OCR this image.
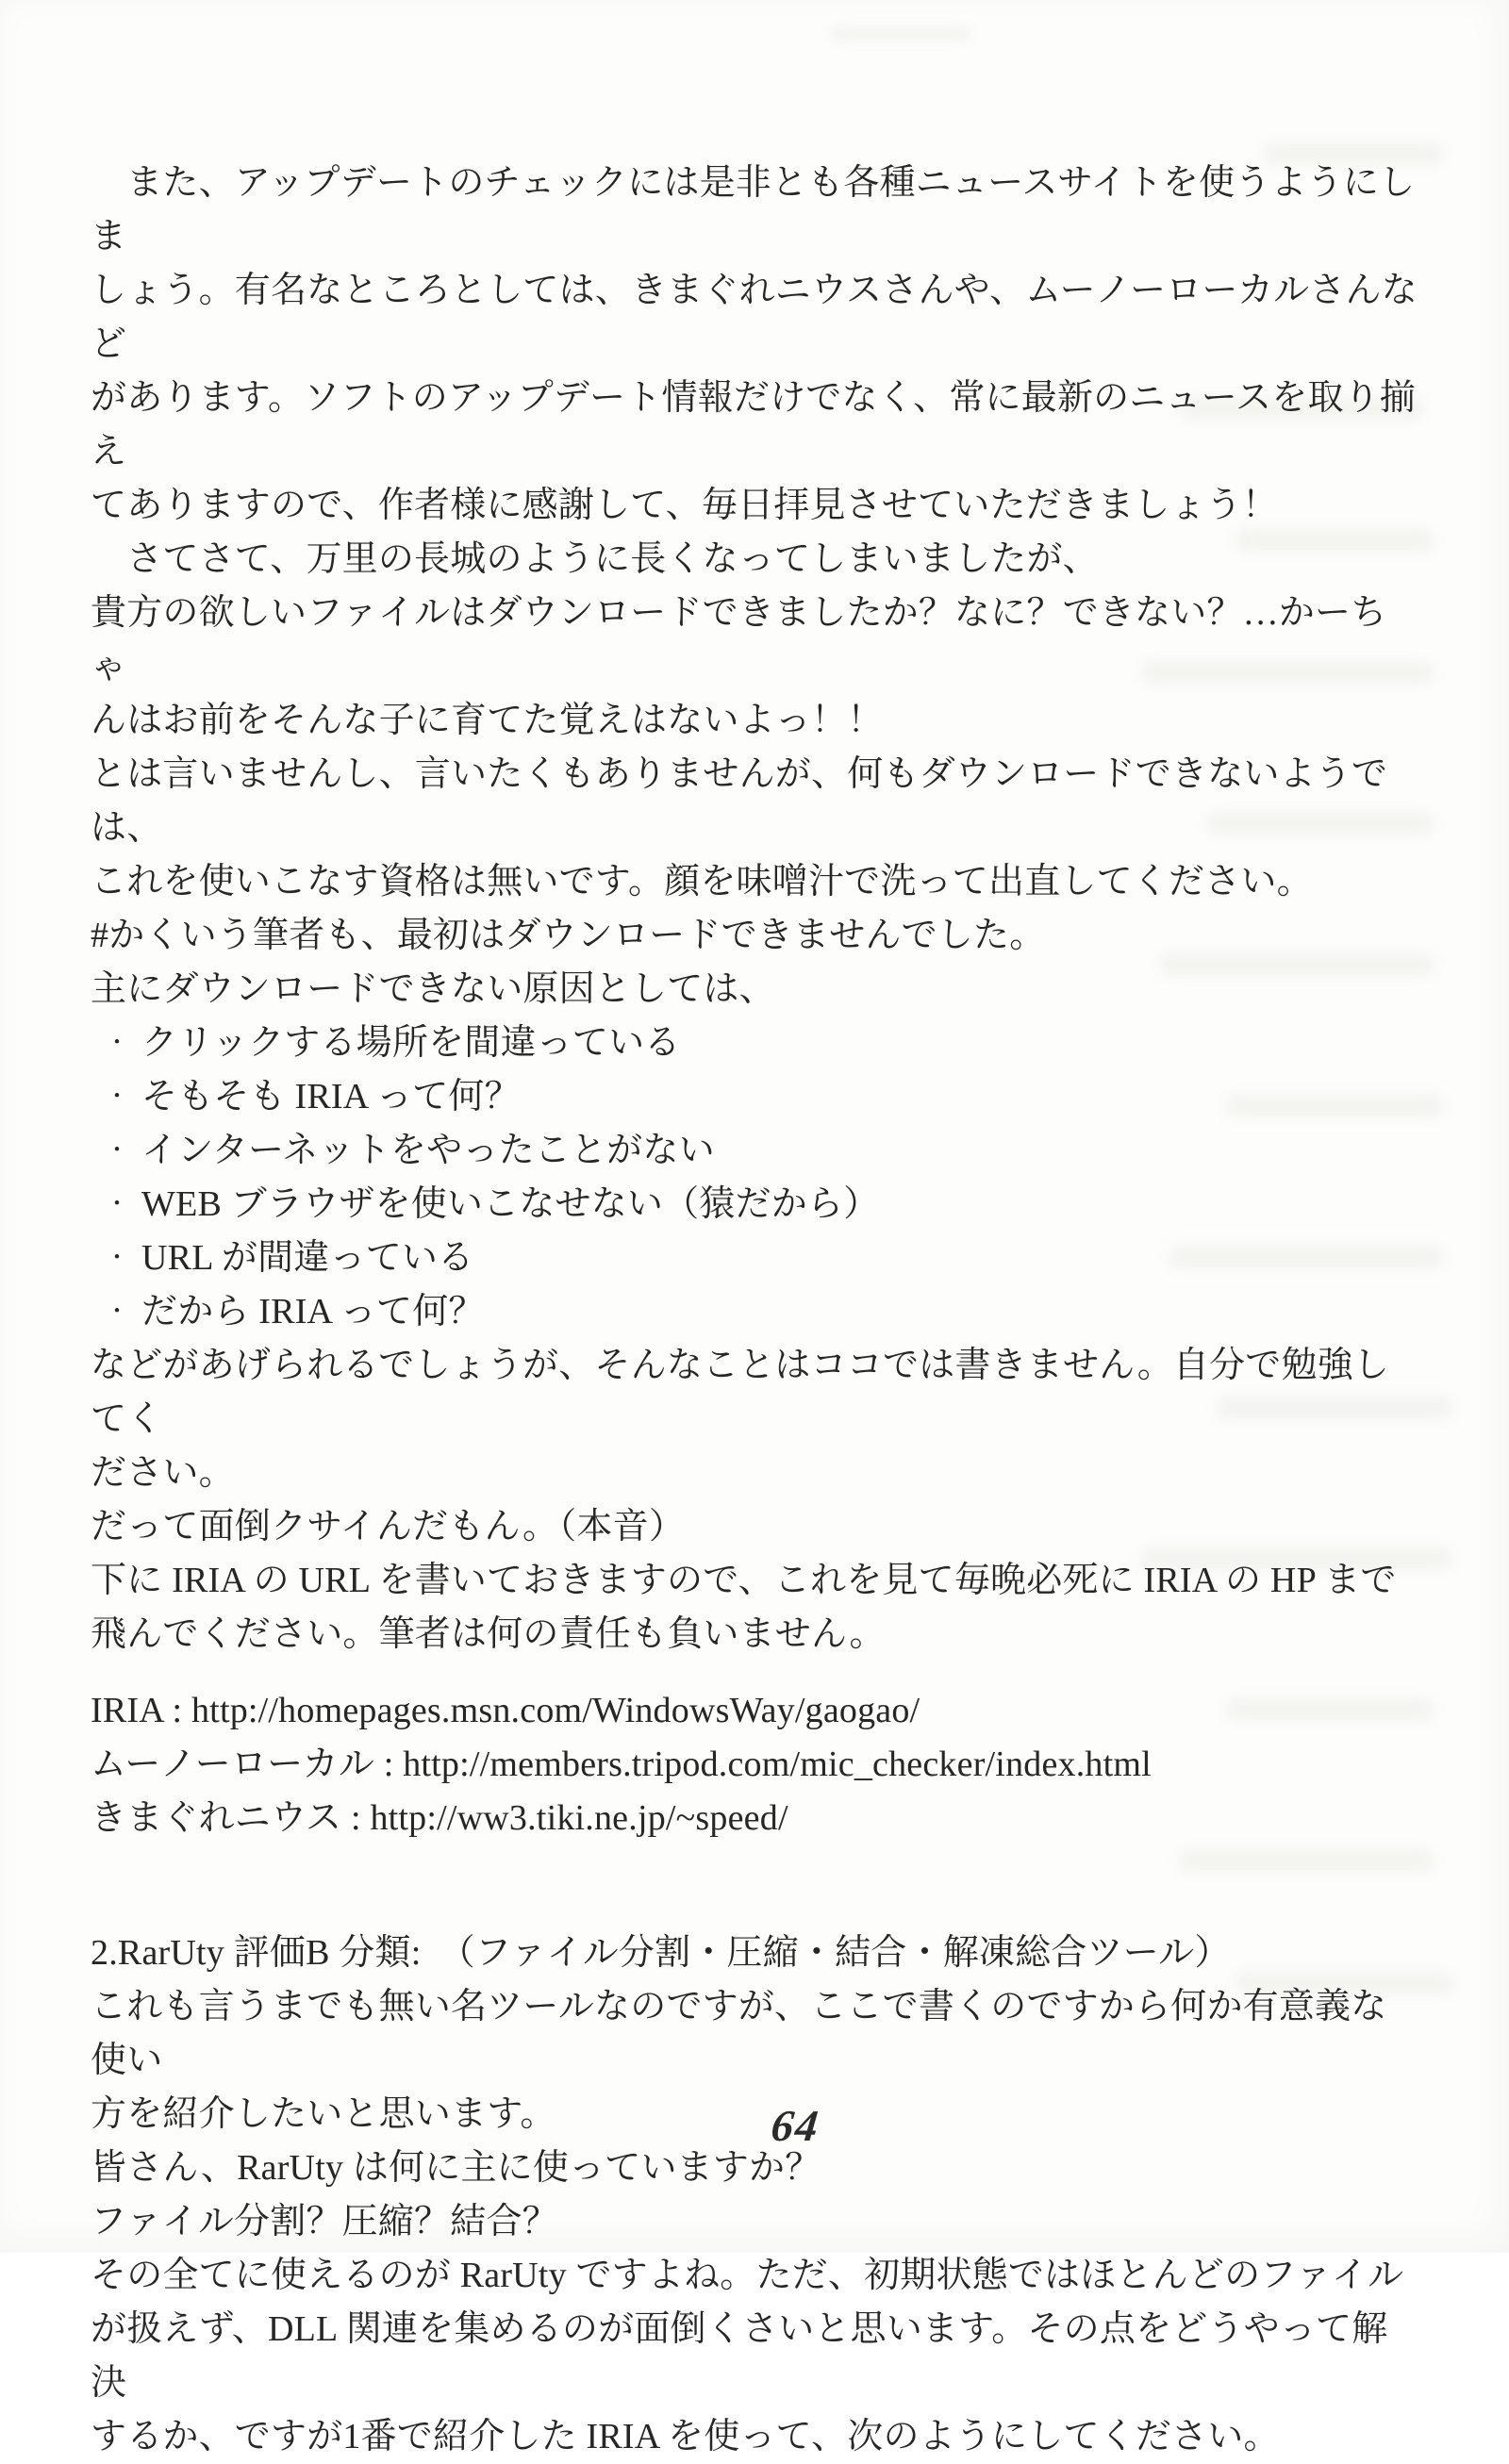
　また、アップデートのチェックには是非とも各種ニュースサイトを使うようにしま

しょう。有名なところとしては、きまぐれニウスさんや、ムーノーローカルさんなど

があります。ソフトのアップデート情報だけでなく、常に最新のニュースを取り揃え

てありますので、作者様に感謝して、毎日拝見させていただきましょう！

　さてさて、万里の長城のように長くなってしまいましたが、

貴方の欲しいファイルはダウンロードできましたか？なに？できない？…かーちゃ

んはお前をそんな子に育てた覚えはないよっ！！

とは言いませんし、言いたくもありませんが、何もダウンロードできないようでは、

これを使いこなす資格は無いです。顔を味噌汁で洗って出直してください。

#かくいう筆者も、最初はダウンロードできませんでした。

主にダウンロードできない原因としては、

・ クリックする場所を間違っている
・ そもそも IRIA って何？
・ インターネットをやったことがない
・ WEB ブラウザを使いこなせない（猿だから）
・ URL が間違っている
・ だから IRIA って何？

などがあげられるでしょうが、そんなことはココでは書きません。自分で勉強してく

ださい。

だって面倒クサイんだもん。（本音）

下に IRIA の URL を書いておきますので、これを見て毎晩必死に IRIA の HP まで

飛んでください。筆者は何の責任も負いません。

IRIA : http://homepages.msn.com/WindowsWay/gaogao/

ムーノーローカル : http://members.tripod.com/mic_checker/index.html

きまぐれニウス : http://ww3.tiki.ne.jp/~speed/

2.RarUty 評価B 分類:　（ファイル分割・圧縮・結合・解凍総合ツール）

これも言うまでも無い名ツールなのですが、ここで書くのですから何か有意義な使い

方を紹介したいと思います。

皆さん、RarUty は何に主に使っていますか？

ファイル分割？圧縮？結合？

その全てに使えるのが RarUty ですよね。ただ、初期状態ではほとんどのファイル

が扱えず、DLL 関連を集めるのが面倒くさいと思います。その点をどうやって解決

するか、ですが1番で紹介した IRIA を使って、次のようにしてください。

64
